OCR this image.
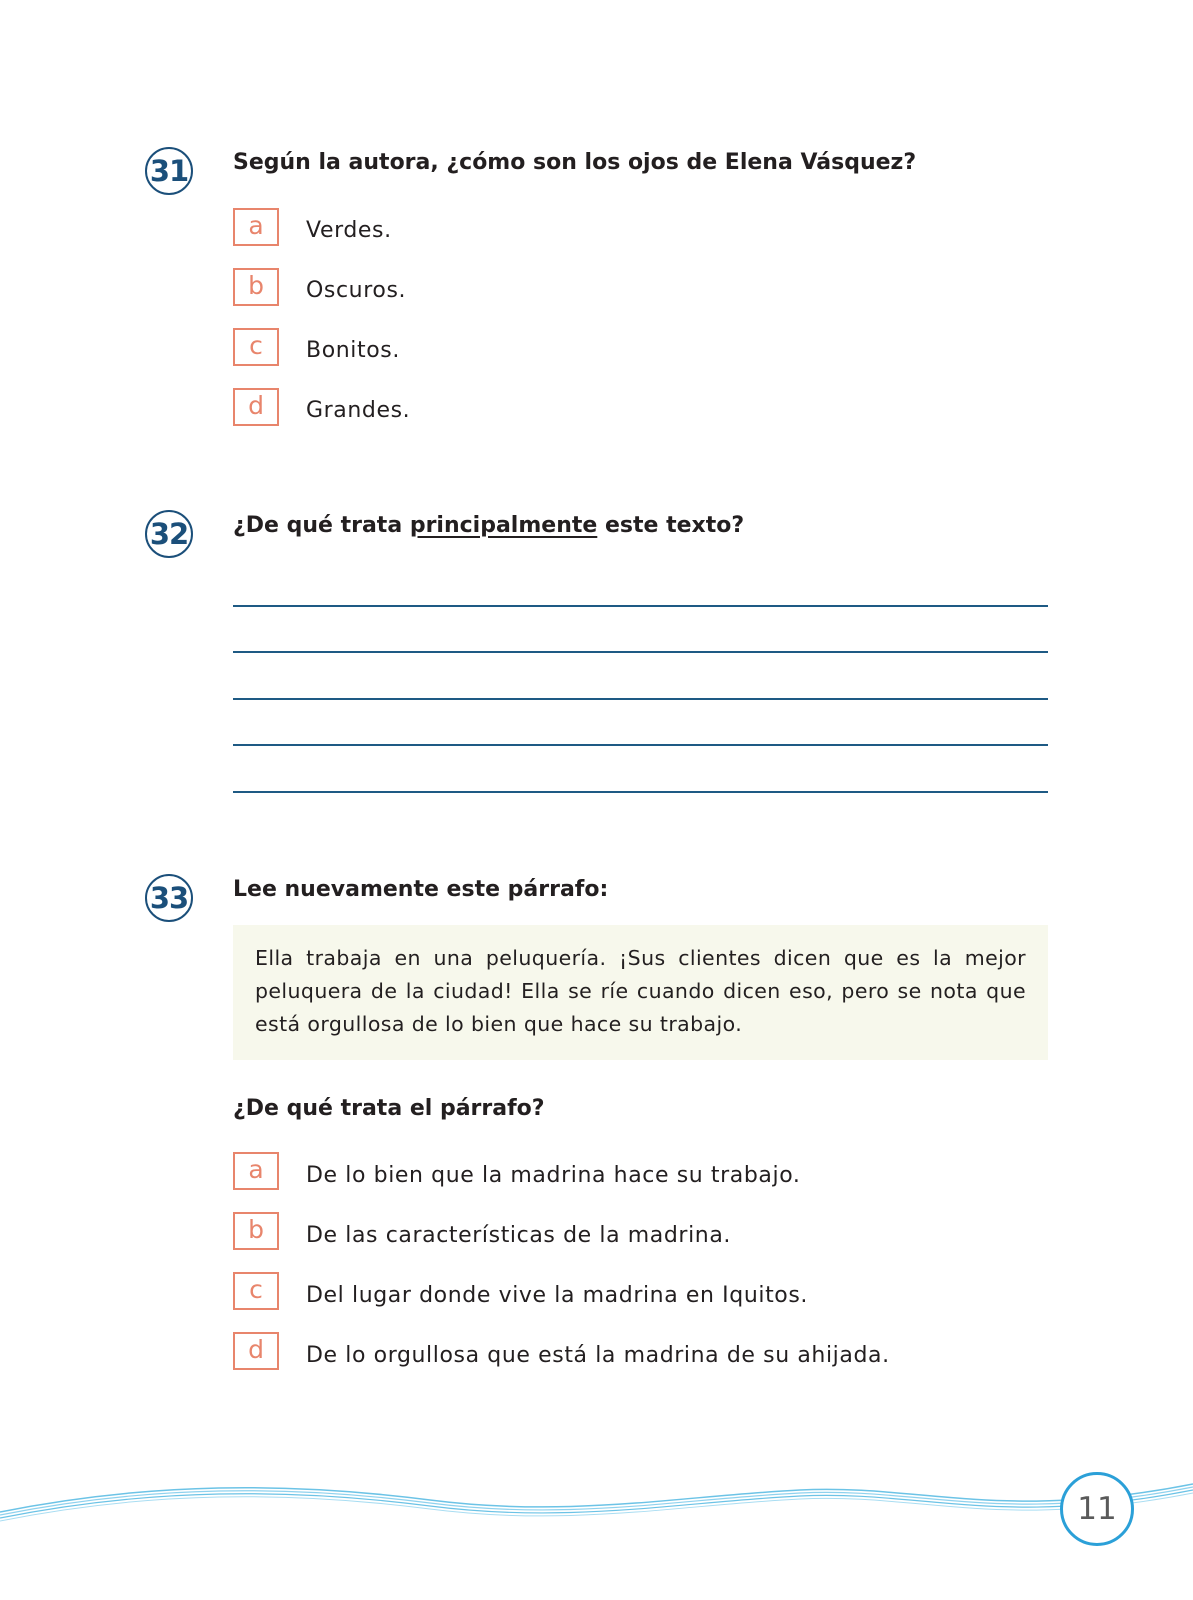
31 Según la autora, ¿cómo son los ojos de Elena Vásquez?
a	Verdes.
b	Oscuros.
c	Bonitos.
d	Grandes.
32 ¿De qué trata principalmente este texto?
33 Lee nuevamente este párrafo:
Ella trabaja en una peluquería. ¡Sus clientes dicen que es la mejor peluquera de la ciudad! Ella se ríe cuando dicen eso, pero se nota que está orgullosa de lo bien que hace su trabajo.
¿De qué trata el párrafo?
a	De lo bien que la madrina hace su trabajo.
b	De las características de la madrina.
c	Del lugar donde vive la madrina en Iquitos.
d	De lo orgullosa que está la madrina de su ahijada.
11
